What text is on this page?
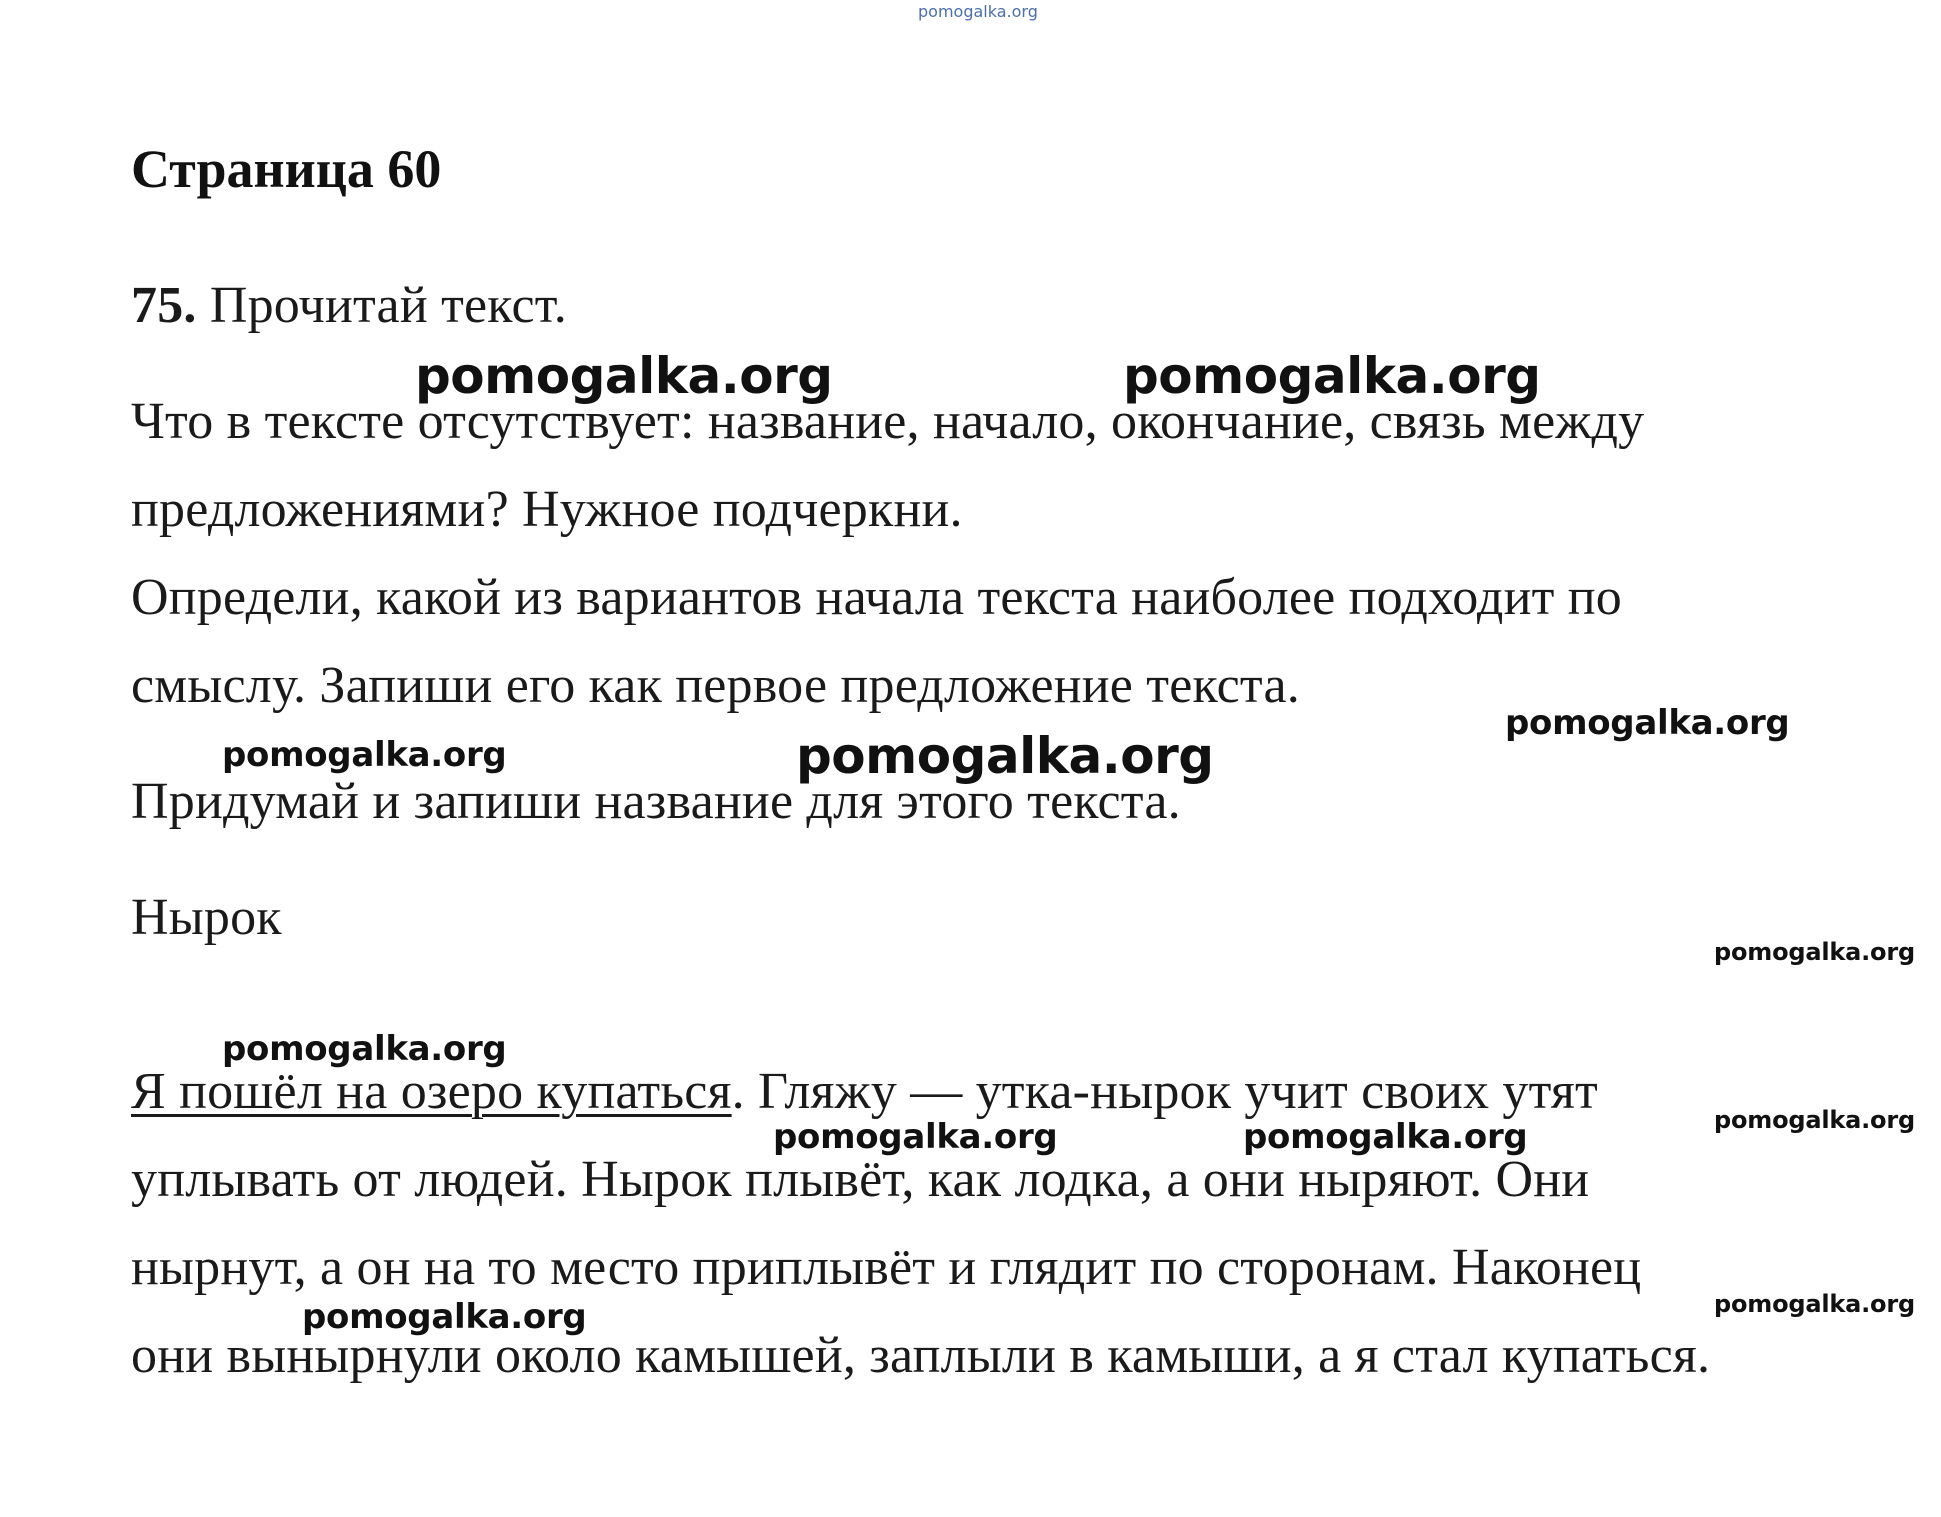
pomogalka.org
Страница 60
75. Прочитай текст.
Что в тексте отсутствует: название, начало, окончание, связь между
предложениями? Нужное подчеркни.
Определи, какой из вариантов начала текста наиболее подходит по
смыслу. Запиши его как первое предложение текста.
Придумай и запиши название для этого текста.
Нырок
Я пошёл на озеро купаться. Гляжу — утка-нырок учит своих утят
уплывать от людей. Нырок плывёт, как лодка, а они ныряют. Они
нырнут, а он на то место приплывёт и глядит по сторонам. Наконец
они вынырнули около камышей, заплыли в камыши, а я стал купаться.
pomogalka.org	pomogalka.org
pomogalka.org
pomogalka.org	pomogalka.org
pomogalka.org
pomogalka.org
pomogalka.org
pomogalka.org	pomogalka.org
pomogalka.org
pomogalka.org
